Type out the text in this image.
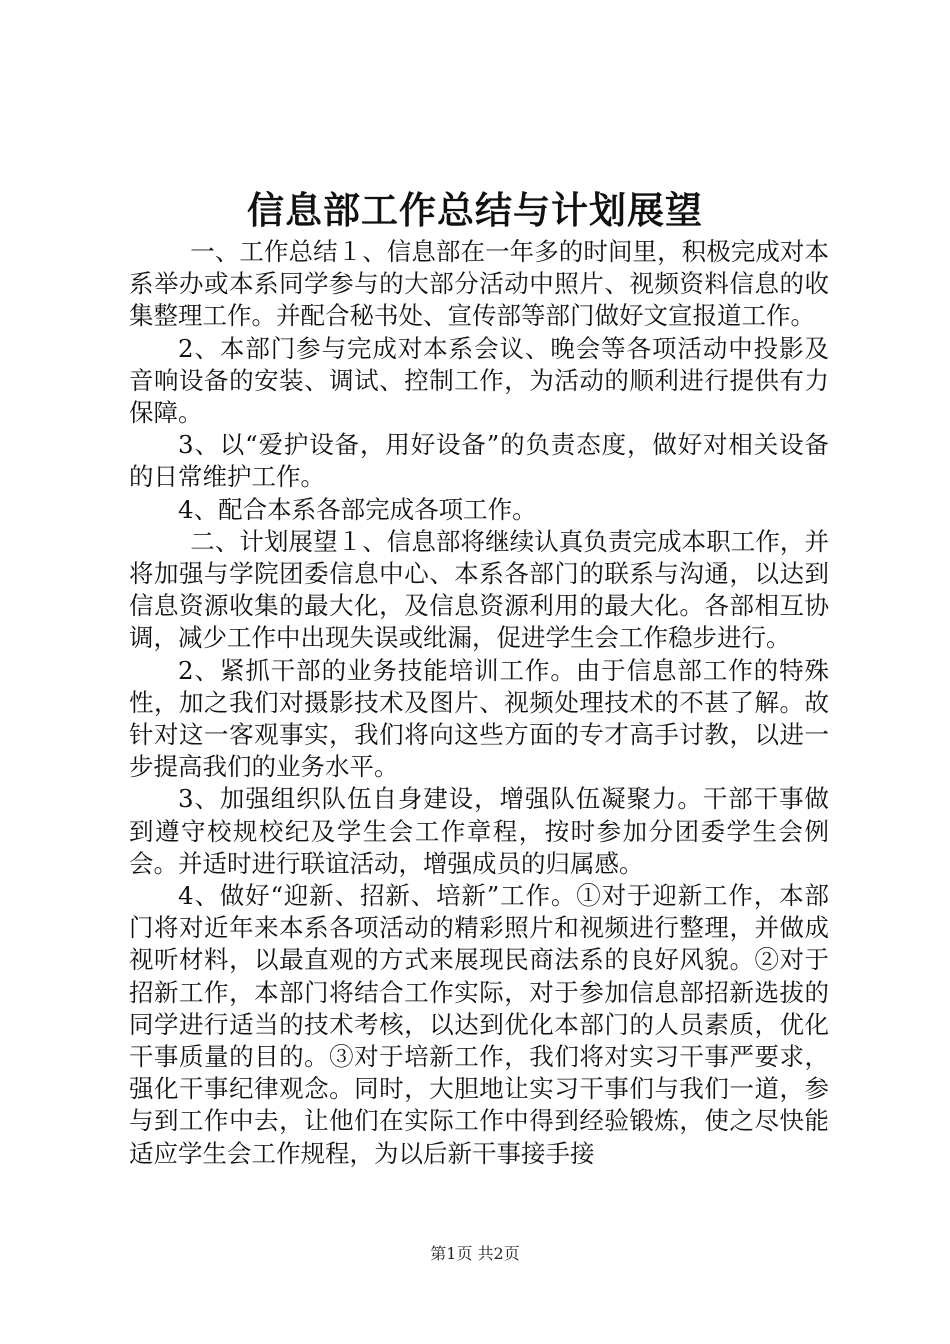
信息部工作总结与计划展望

一、工作总结１、信息部在一年多的时间里，积极完成对本系举办或本系同学参与的大部分活动中照片、视频资料信息的收集整理工作。并配合秘书处、宣传部等部门做好文宣报道工作。

2、本部门参与完成对本系会议、晚会等各项活动中投影及音响设备的安装、调试、控制工作，为活动的顺利进行提供有力保障。

3、以“爱护设备，用好设备”的负责态度，做好对相关设备的日常维护工作。

4、配合本系各部完成各项工作。

二、计划展望１、信息部将继续认真负责完成本职工作，并将加强与学院团委信息中心、本系各部门的联系与沟通，以达到信息资源收集的最大化，及信息资源利用的最大化。各部相互协调，减少工作中出现失误或纰漏，促进学生会工作稳步进行。

2、紧抓干部的业务技能培训工作。由于信息部工作的特殊性，加之我们对摄影技术及图片、视频处理技术的不甚了解。故针对这一客观事实，我们将向这些方面的专才高手讨教，以进一步提高我们的业务水平。

3、加强组织队伍自身建设，增强队伍凝聚力。干部干事做到遵守校规校纪及学生会工作章程，按时参加分团委学生会例会。并适时进行联谊活动，增强成员的归属感。

4、做好“迎新、招新、培新”工作。①对于迎新工作，本部门将对近年来本系各项活动的精彩照片和视频进行整理，并做成视听材料，以最直观的方式来展现民商法系的良好风貌。②对于招新工作，本部门将结合工作实际，对于参加信息部招新选拔的同学进行适当的技术考核，以达到优化本部门的人员素质，优化干事质量的目的。③对于培新工作，我们将对实习干事严要求，强化干事纪律观念。同时，大胆地让实习干事们与我们一道，参与到工作中去，让他们在实际工作中得到经验锻炼，使之尽快能适应学生会工作规程，为以后新干事接手接

第1页 共2页
